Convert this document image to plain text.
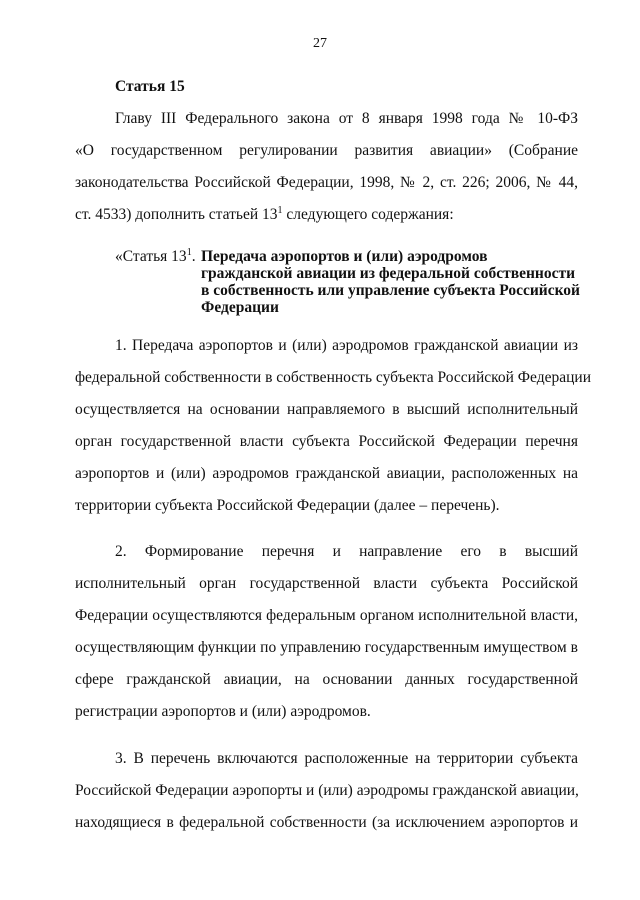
27
Статья 15
Главу III Федерального закона от 8 января 1998 года № 10-ФЗ
«О государственном регулировании развития авиации» (Собрание
законодательства Российской Федерации, 1998, № 2, ст. 226; 2006, № 44,
ст. 4533) дополнить статьей $13^1$ следующего содержания:
«Статья $13^1$. Передача аэропортов и (или) аэродромов
гражданской авиации из федеральной собственности
в собственность или управление субъекта Российской
Федерации
1. Передача аэропортов и (или) аэродромов гражданской авиации из
федеральной собственности в собственность субъекта Российской Федерации
осуществляется на основании направляемого в высший исполнительный
орган государственной власти субъекта Российской Федерации перечня
аэропортов и (или) аэродромов гражданской авиации, расположенных на
территории субъекта Российской Федерации (далее – перечень).
2. Формирование перечня и направление его в высший
исполнительный орган государственной власти субъекта Российской
Федерации осуществляются федеральным органом исполнительной власти,
осуществляющим функции по управлению государственным имуществом в
сфере гражданской авиации, на основании данных государственной
регистрации аэропортов и (или) аэродромов.
3. В перечень включаются расположенные на территории субъекта
Российской Федерации аэропорты и (или) аэродромы гражданской авиации,
находящиеся в федеральной собственности (за исключением аэропортов и
